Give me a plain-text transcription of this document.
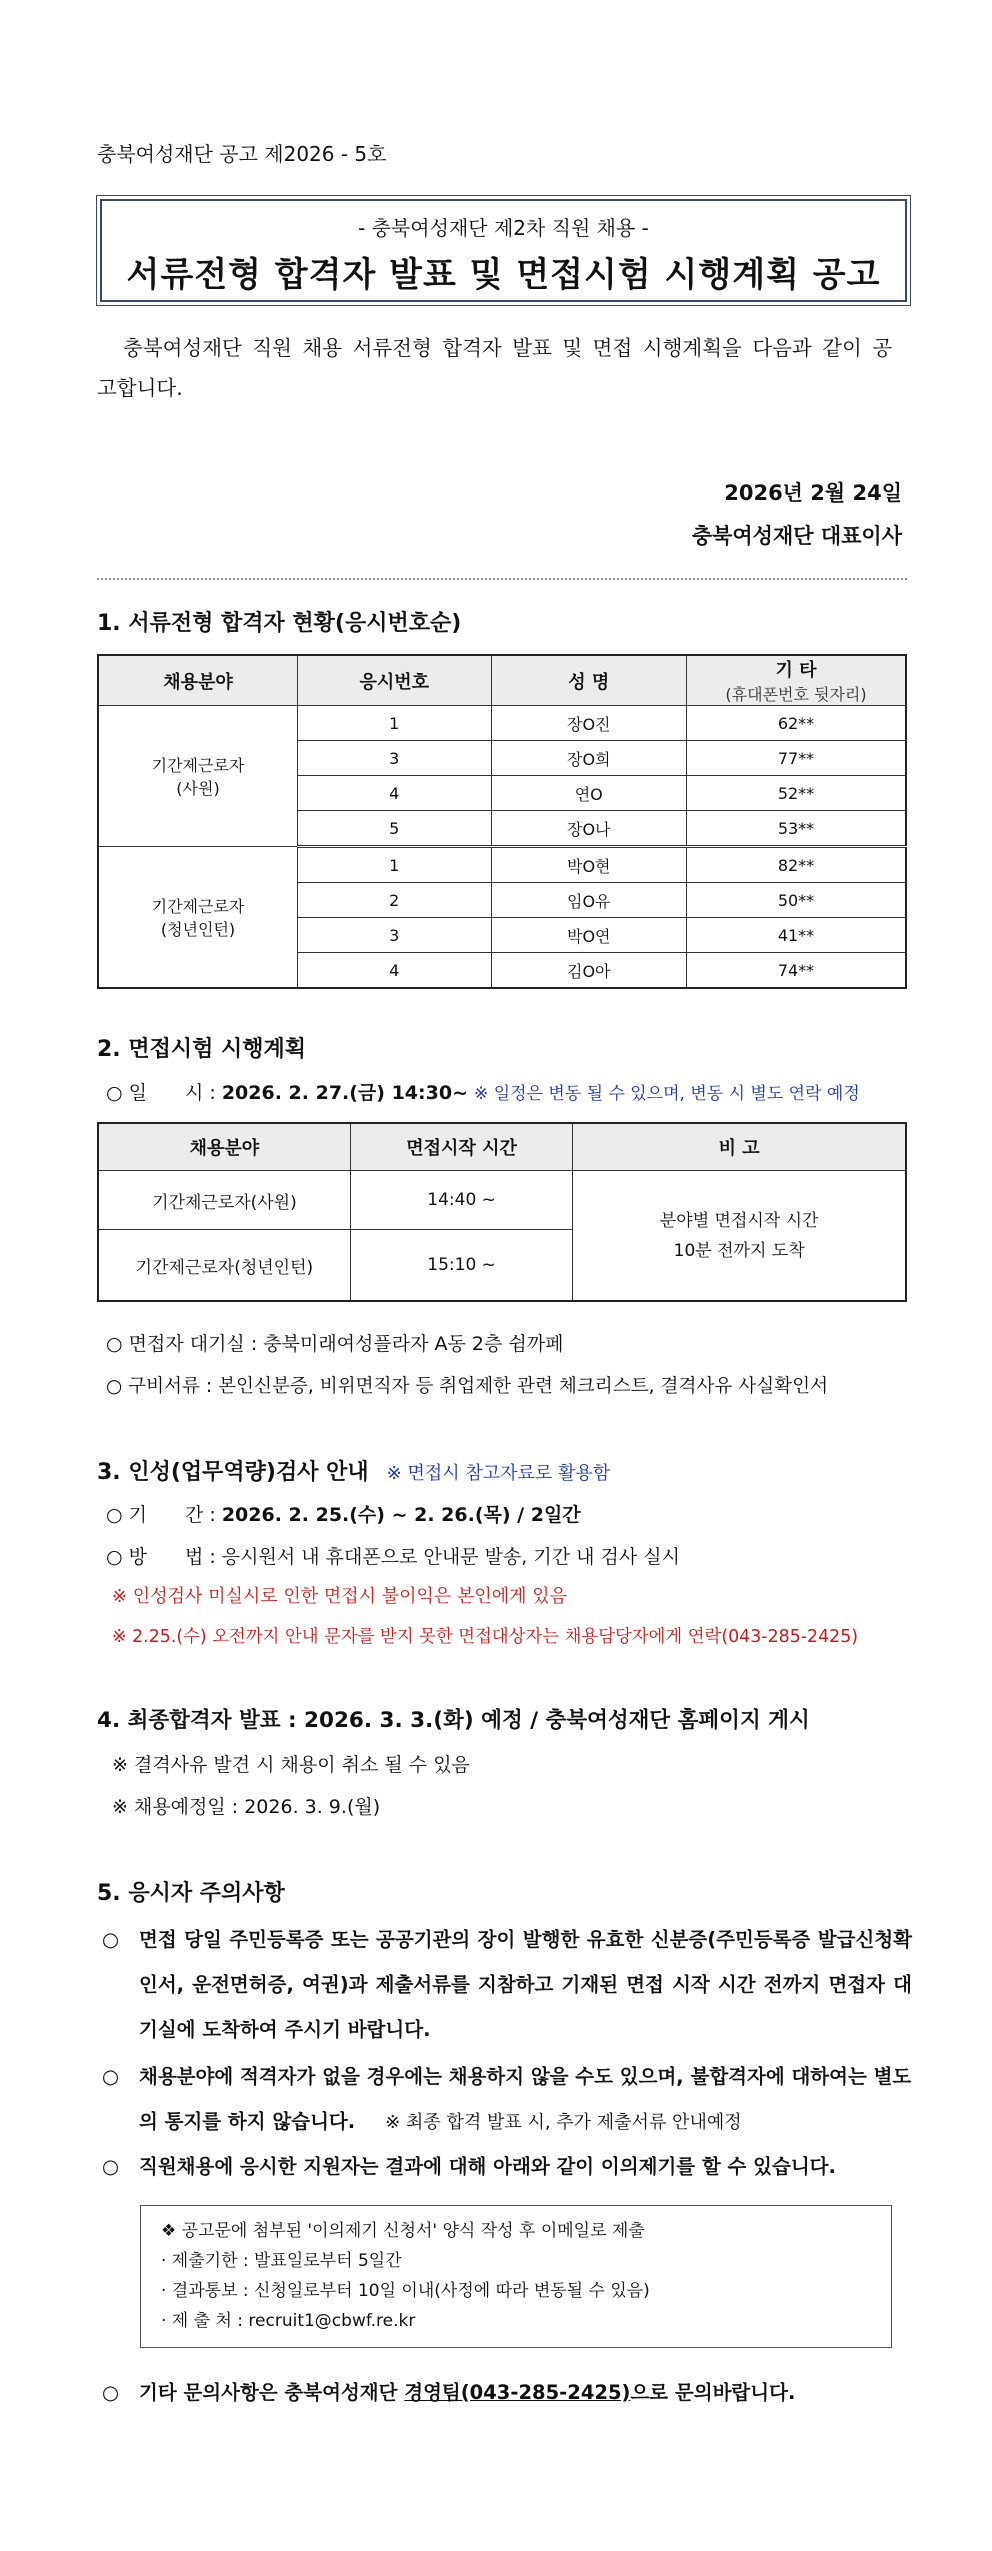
충북여성재단 공고 제2026 - 5호
- 충북여성재단 제2차 직원 채용 -
서류전형 합격자 발표 및 면접시험 시행계획 공고
충북여성재단 직원 채용 서류전형 합격자 발표 및 면접 시행계획을 다음과 같이 공고합니다.
2026년 2월 24일
충북여성재단 대표이사
1. 서류전형 합격자 현황(응시번호순)
채용분야	응시번호	성 명	기 타
(휴대폰번호 뒷자리)

기간제근로자
(사원)	1	장O진	62**
	3	장O희	77**
	4	연O	52**
	5	장O나	53**

기간제근로자
(청년인턴)	1	박O현	82**
	2	임O유	50**
	3	박O연	41**
	4	김O아	74**
2. 면접시험 시행계획
○ 일　　시 : 2026. 2. 27.(금) 14:30~ ※ 일정은 변동 될 수 있으며, 변동 시 별도 연락 예정
채용분야	면접시작 시간	비 고
기간제근로자(사원)	14:40 ~	분야별 면접시작 시간
10분 전까지 도착

기간제근로자(청년인턴)	15:10 ~	
○ 면접자 대기실 : 충북미래여성플라자 A동 2층 쉼까페
○ 구비서류 : 본인신분증, 비위면직자 등 취업제한 관련 체크리스트, 결격사유 사실확인서
3. 인성(업무역량)검사 안내 ※ 면접시 참고자료로 활용함
○ 기　　간 : 2026. 2. 25.(수) ~ 2. 26.(목) / 2일간
○ 방　　법 : 응시원서 내 휴대폰으로 안내문 발송, 기간 내 검사 실시
※ 인성검사 미실시로 인한 면접시 불이익은 본인에게 있음
※ 2.25.(수) 오전까지 안내 문자를 받지 못한 면접대상자는 채용담당자에게 연락(043-285-2425)
4. 최종합격자 발표 : 2026. 3. 3.(화) 예정 / 충북여성재단 홈페이지 게시
※ 결격사유 발견 시 채용이 취소 될 수 있음
※ 채용예정일 : 2026. 3. 9.(월)
5. 응시자 주의사항
○ 면접 당일 주민등록증 또는 공공기관의 장이 발행한 유효한 신분증(주민등록증 발급신청확인서, 운전면허증, 여권)과 제출서류를 지참하고 기재된 면접 시작 시간 전까지 면접자 대기실에 도착하여 주시기 바랍니다.
○ 채용분야에 적격자가 없을 경우에는 채용하지 않을 수도 있으며, 불합격자에 대하여는 별도의 통지를 하지 않습니다. ※ 최종 합격 발표 시, 추가 제출서류 안내예정
○ 직원채용에 응시한 지원자는 결과에 대해 아래와 같이 이의제기를 할 수 있습니다.
❖ 공고문에 첨부된 '이의제기 신청서' 양식 작성 후 이메일로 제출
· 제출기한 : 발표일로부터 5일간
· 결과통보 : 신청일로부터 10일 이내(사정에 따라 변동될 수 있음)
· 제 출 처 : recruit1@cbwf.re.kr
○ 기타 문의사항은 충북여성재단 경영팀(043-285-2425)으로 문의바랍니다.
